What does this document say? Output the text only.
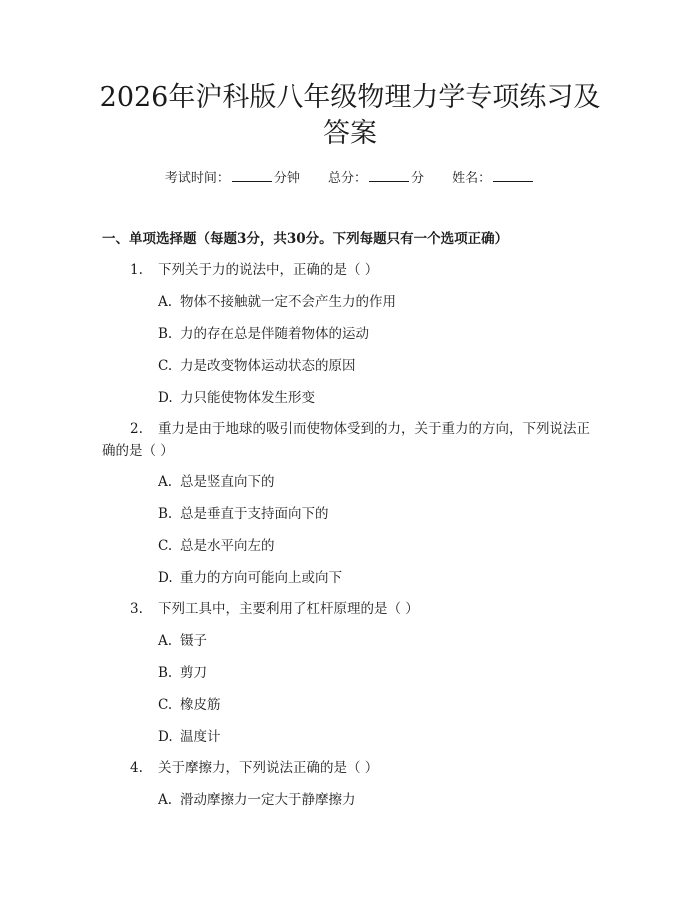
2026年沪科版八年级物理力学专项练习及答案
考试时间：	分钟 总分：	分 姓名：
一、单项选择题（每题3分，共30分。下列每题只有一个选项正确）
1. 下列关于力的说法中，正确的是（ ）
A. 物体不接触就一定不会产生力的作用
B. 力的存在总是伴随着物体的运动
C. 力是改变物体运动状态的原因
D. 力只能使物体发生形变
2. 重力是由于地球的吸引而使物体受到的力，关于重力的方向，下列说法正确的是（ ）
A. 总是竖直向下的
B. 总是垂直于支持面向下的
C. 总是水平向左的
D. 重力的方向可能向上或向下
3. 下列工具中，主要利用了杠杆原理的是（ ）
A. 镊子
B. 剪刀
C. 橡皮筋
D. 温度计
4. 关于摩擦力，下列说法正确的是（ ）
A. 滑动摩擦力一定大于静摩擦力
